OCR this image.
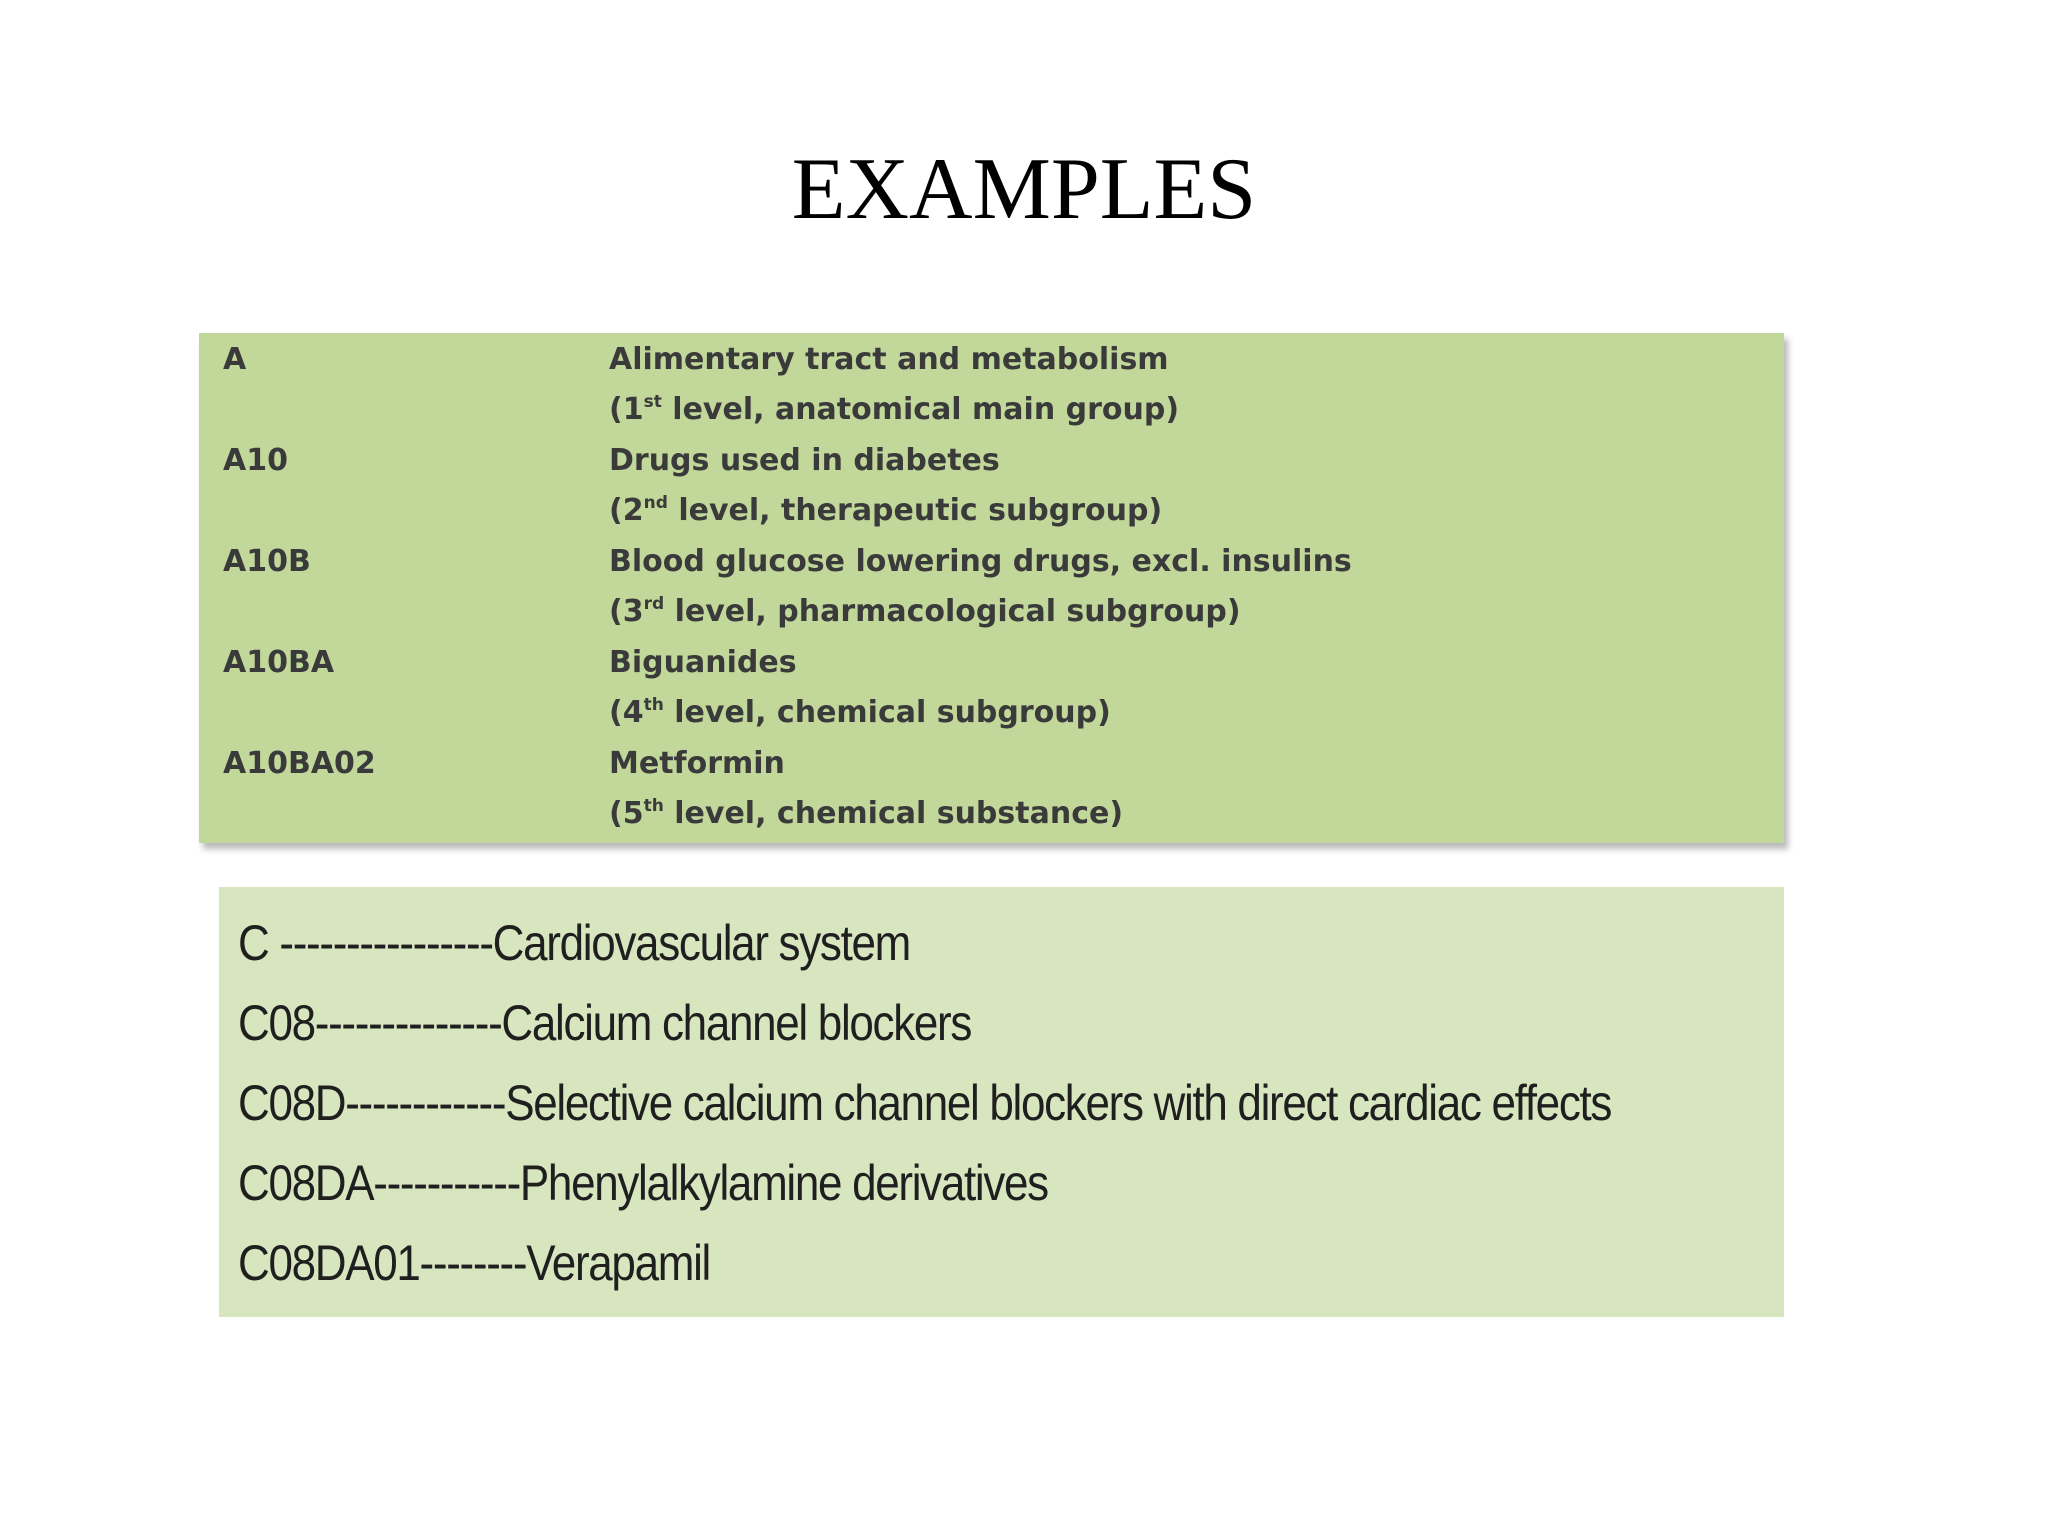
EXAMPLES
A	Alimentary tract and metabolism
(1st level, anatomical main group)
A10	Drugs used in diabetes
(2nd level, therapeutic subgroup)
A10B	Blood glucose lowering drugs, excl. insulins
(3rd level, pharmacological subgroup)
A10BA	Biguanides
(4th level, chemical subgroup)
A10BA02	Metformin
(5th level, chemical substance)
C ----------------Cardiovascular system
C08--------------Calcium channel blockers
C08D------------Selective calcium channel blockers with direct cardiac effects
C08DA-----------Phenylalkylamine derivatives
C08DA01--------Verapamil
